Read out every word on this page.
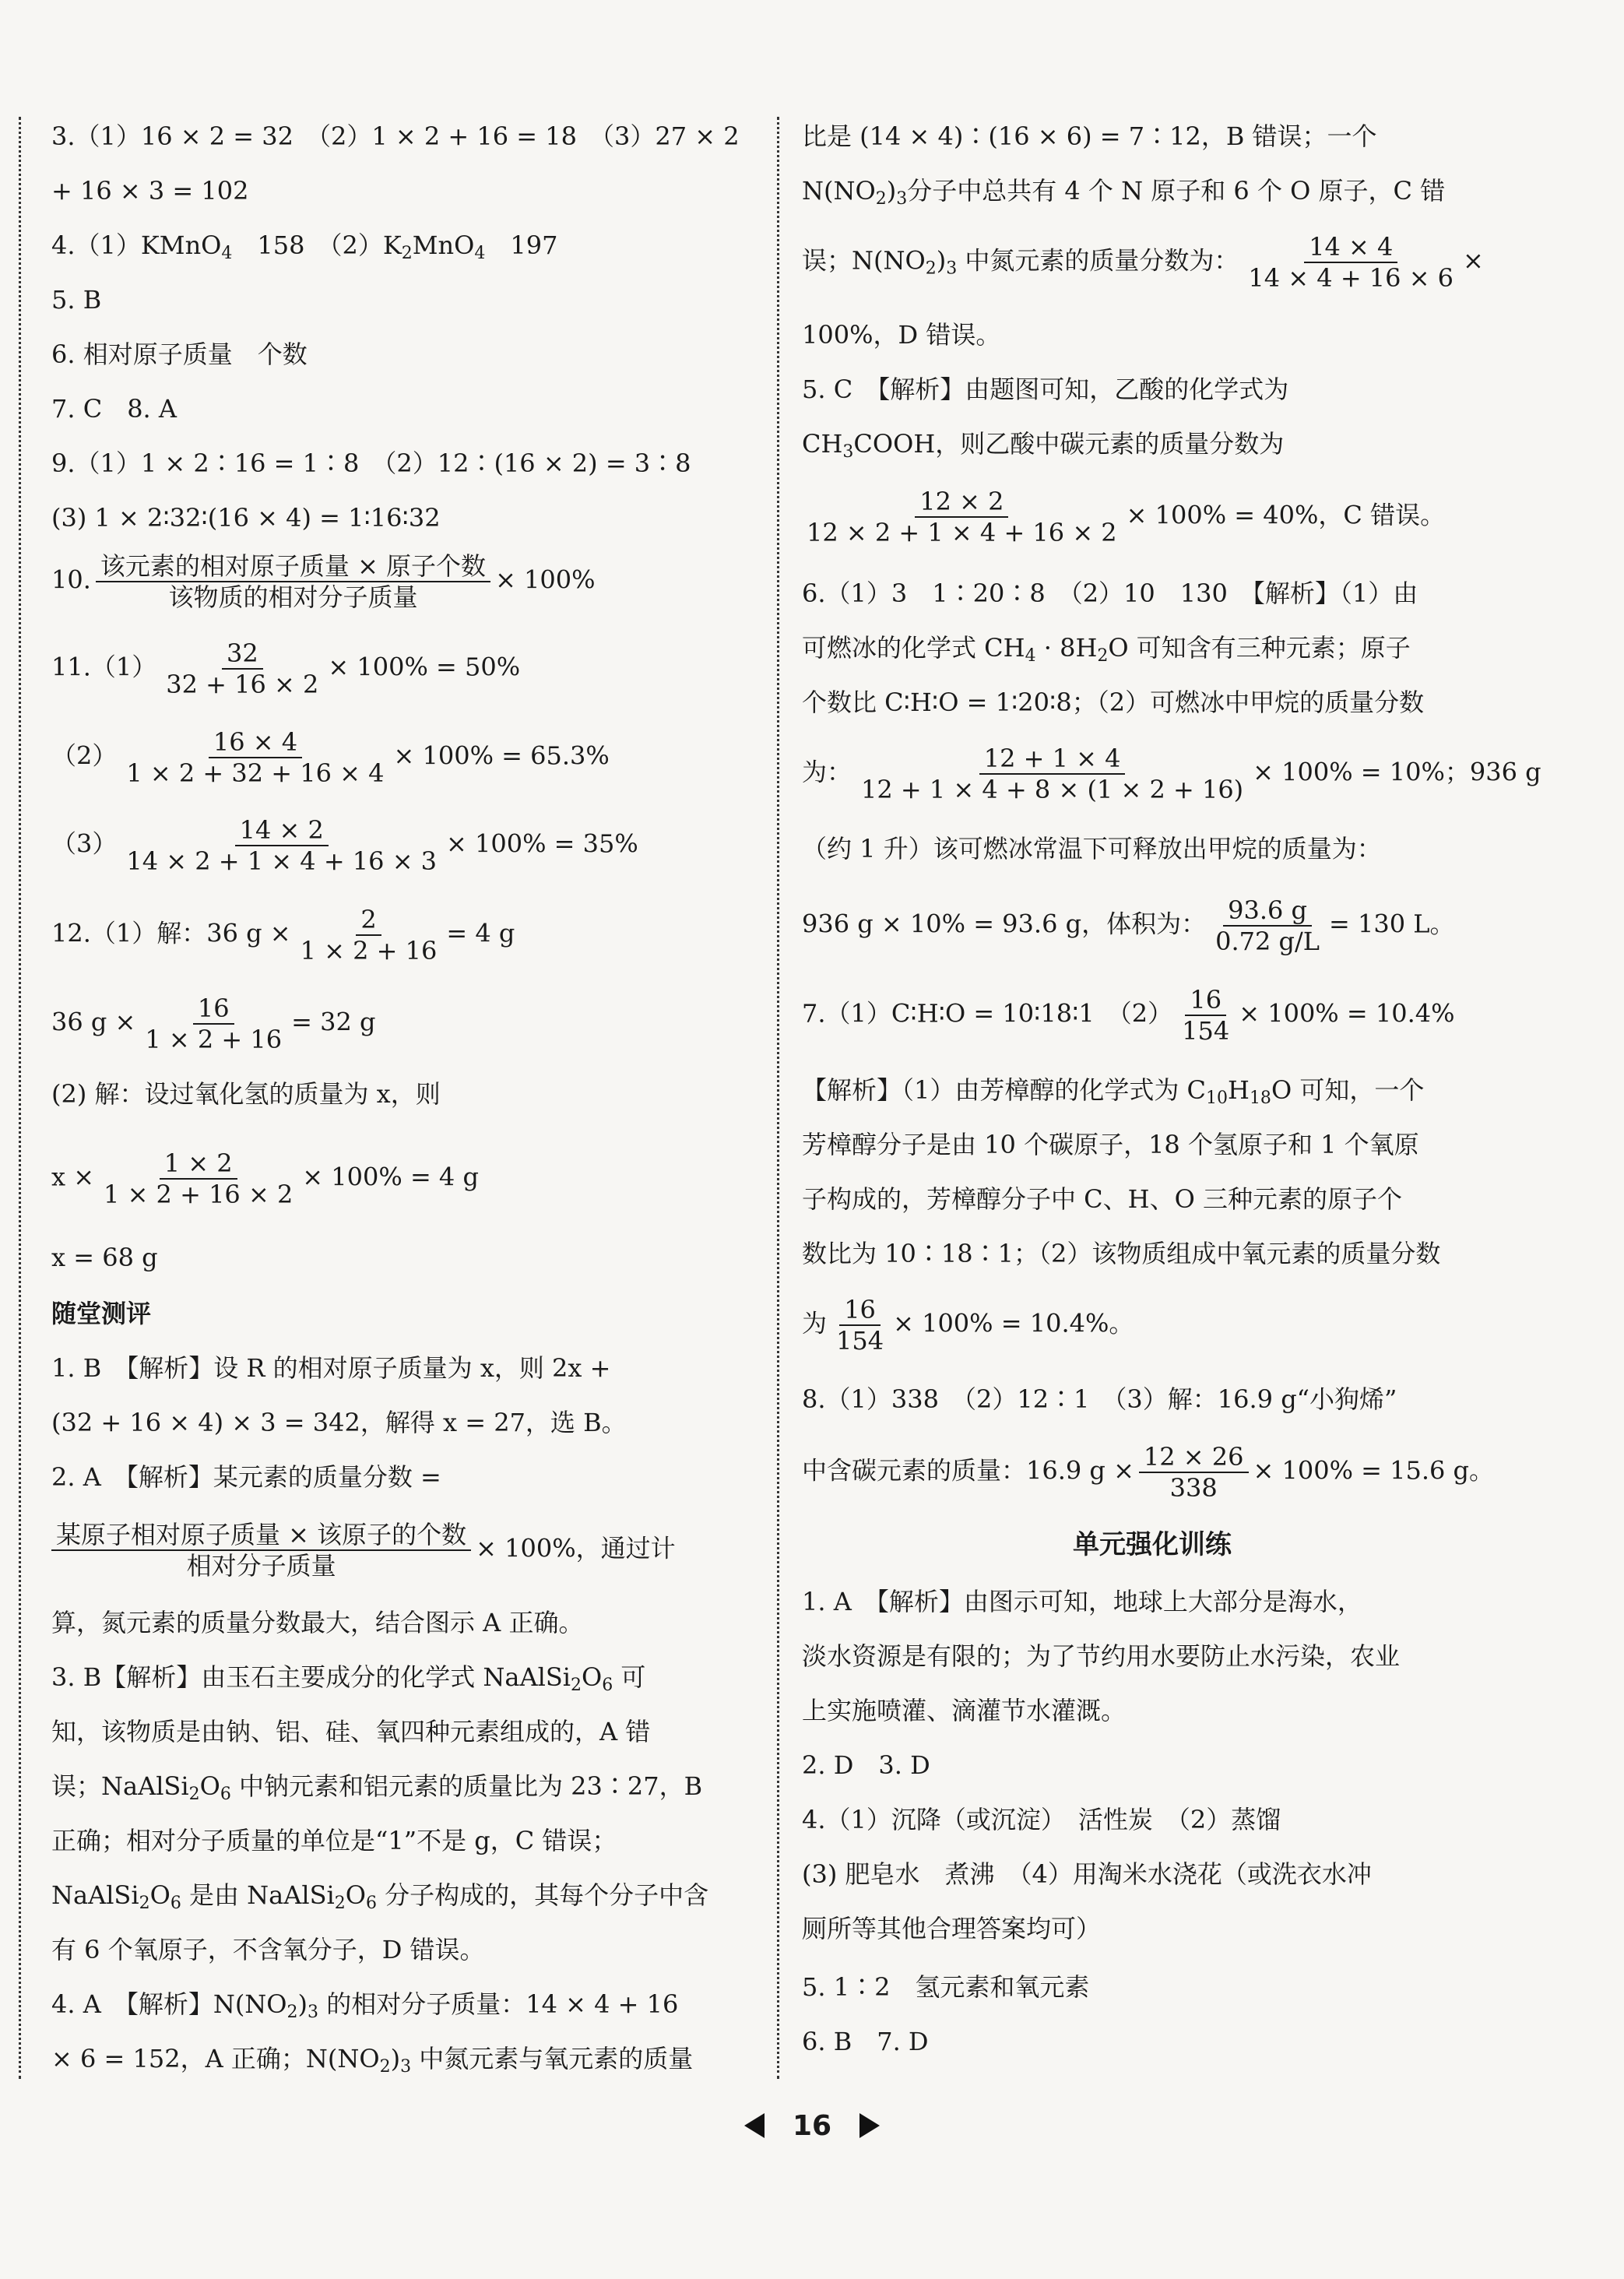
3.（1）16 × 2 = 32　（2）1 × 2 + 16 = 18　（3）27 × 2
+ 16 × 3 = 102
4.（1）KMnO$_4$　158　$(2)K_2MnO_4$　197
5. B
6. 相对原子质量　个数
7. C　8. A
9.（1）1 × 2∶16 = 1∶8　（2）12∶(16 × 2) = 3∶8
(3) 1 × 2∶32∶(16 × 4) = 1∶16∶32
10. $\frac{\text{该元素的相对原子质量 × 原子个数}}{\text{该物质的相对分子质量}} \times 100\%$
$11.(1) \frac{32}{32 + 16 \times 2} \times 100\% = 50\%$
$(2) \frac{16 \times 4}{1 \times 2 + 32 + 16 \times 4} \times 100\% = 65.3\%$
$(3) \frac{14 \times 2}{14 \times 2 + 1 \times 4 + 16 \times 3} \times 100\% = 35\%$
12.（1）解：36 $g \times \frac{2}{1 \times 2 + 16} = 4$ g
36 $g \times \frac{16}{1 \times 2 + 16} = 32$ g
(2) 解：设过氧化氢的质量为 x，则
$x \times \frac{1 \times 2}{1 \times 2 + 16 \times 2} \times 100\% = 4$ g
x = 68 g
随堂测评
1. B　【解析】设 R 的相对原子质量为 x，则 2x +
(32 + 16 × 4) × 3 = 342，解得 x = 27，选 B。
2. A　【解析】某元素的质量分数 =
$\frac{\text{某原子相对原子质量 × 该原子的个数}}{\text{相对分子质量}} \times 100\%$，通过计
算，氮元素的质量分数最大，结合图示 A 正确。
3. B【解析】由玉石主要成分的化学式 $NaAlSi_2O_6$ 可
知，该物质是由钠、铝、硅、氧四种元素组成的，A 错
误；$NaAlSi_2O_6$ 中钠元素和铝元素的质量比为 23∶27，B
正确；相对分子质量的单位是“1”不是 g，C 错误；
$NaAlSi_2O_6$ 是由 $NaAlSi_2O_6$ 分子构成的，其每个分子中含
有 6 个氧原子，不含氧分子，D 错误。
4. A　【解析】$N(NO_2)_3$ 的相对分子质量：14 × 4 + 16
× 6 = 152，A 正确；$N(NO_2)_3$ 中氮元素与氧元素的质量
比是 (14 × 4)∶(16 × 6) = 7∶12，B 错误；一个
$N(NO_2)_3$分子中总共有 4 个 N 原子和 6 个 O 原子，C 错
误；$N(NO_2)_3$ 中氮元素的质量分数为： $\frac{14 \times 4}{14 \times 4 + 16 \times 6}$ ×
100%，D 错误。
5. C　【解析】由题图可知，乙酸的化学式为
$CH_3COOH$，则乙酸中碳元素的质量分数为
$\frac{12 \times 2}{12 \times 2 + 1 \times 4 + 16 \times 2} \times 100\% = 40\%$，C 错误。
6.（1）3　1∶20∶8　（2）10　130　【解析】（1）由
可燃冰的化学式 $CH_4 \cdot 8H_2O$ 可知含有三种元素；原子
个数比 C∶H∶O = 1∶20∶8；（2）可燃冰中甲烷的质量分数
为： $\frac{12 + 1 \times 4}{12 + 1 \times 4 + 8 \times (1 \times 2 + 16)} \times 100\% = 10\%$；936 g
（约 1 升）该可燃冰常温下可释放出甲烷的质量为：
936 g × 10% = 93.6 g，体积为： $\frac{93.6 g}{0.72 g/L} = 130$ L。
7.（1）C∶H∶O = 10∶18∶1　$(2) \frac{16}{154} \times 100\% = 10.4\%$
【解析】（1）由芳樟醇的化学式为 $C_{10}H_{18}O$ 可知，一个
芳樟醇分子是由 10 个碳原子，18 个氢原子和 1 个氧原
子构成的，芳樟醇分子中 C、H、O 三种元素的原子个
数比为 10∶18∶1；（2）该物质组成中氧元素的质量分数
为 $\frac{16}{154} \times 100\% = 10.4\%$。
8.（1）338　（2）12∶1　（3）解：16.9 g“小狗烯”
中含碳元素的质量：16.9 $g \times \frac{12 \times 26}{338} \times 100\% = 15.6$ g。
单元强化训练
1. A　【解析】由图示可知，地球上大部分是海水，
淡水资源是有限的；为了节约用水要防止水污染，农业
上实施喷灌、滴灌节水灌溉。
2. D　3. D
4.（1）沉降（或沉淀）　活性炭　（2）蒸馏
(3) 肥皂水　煮沸　（4）用淘米水浇花（或洗衣水冲
厕所等其他合理答案均可）
5. 1∶2　氢元素和氧元素
6. B　7. D
16
